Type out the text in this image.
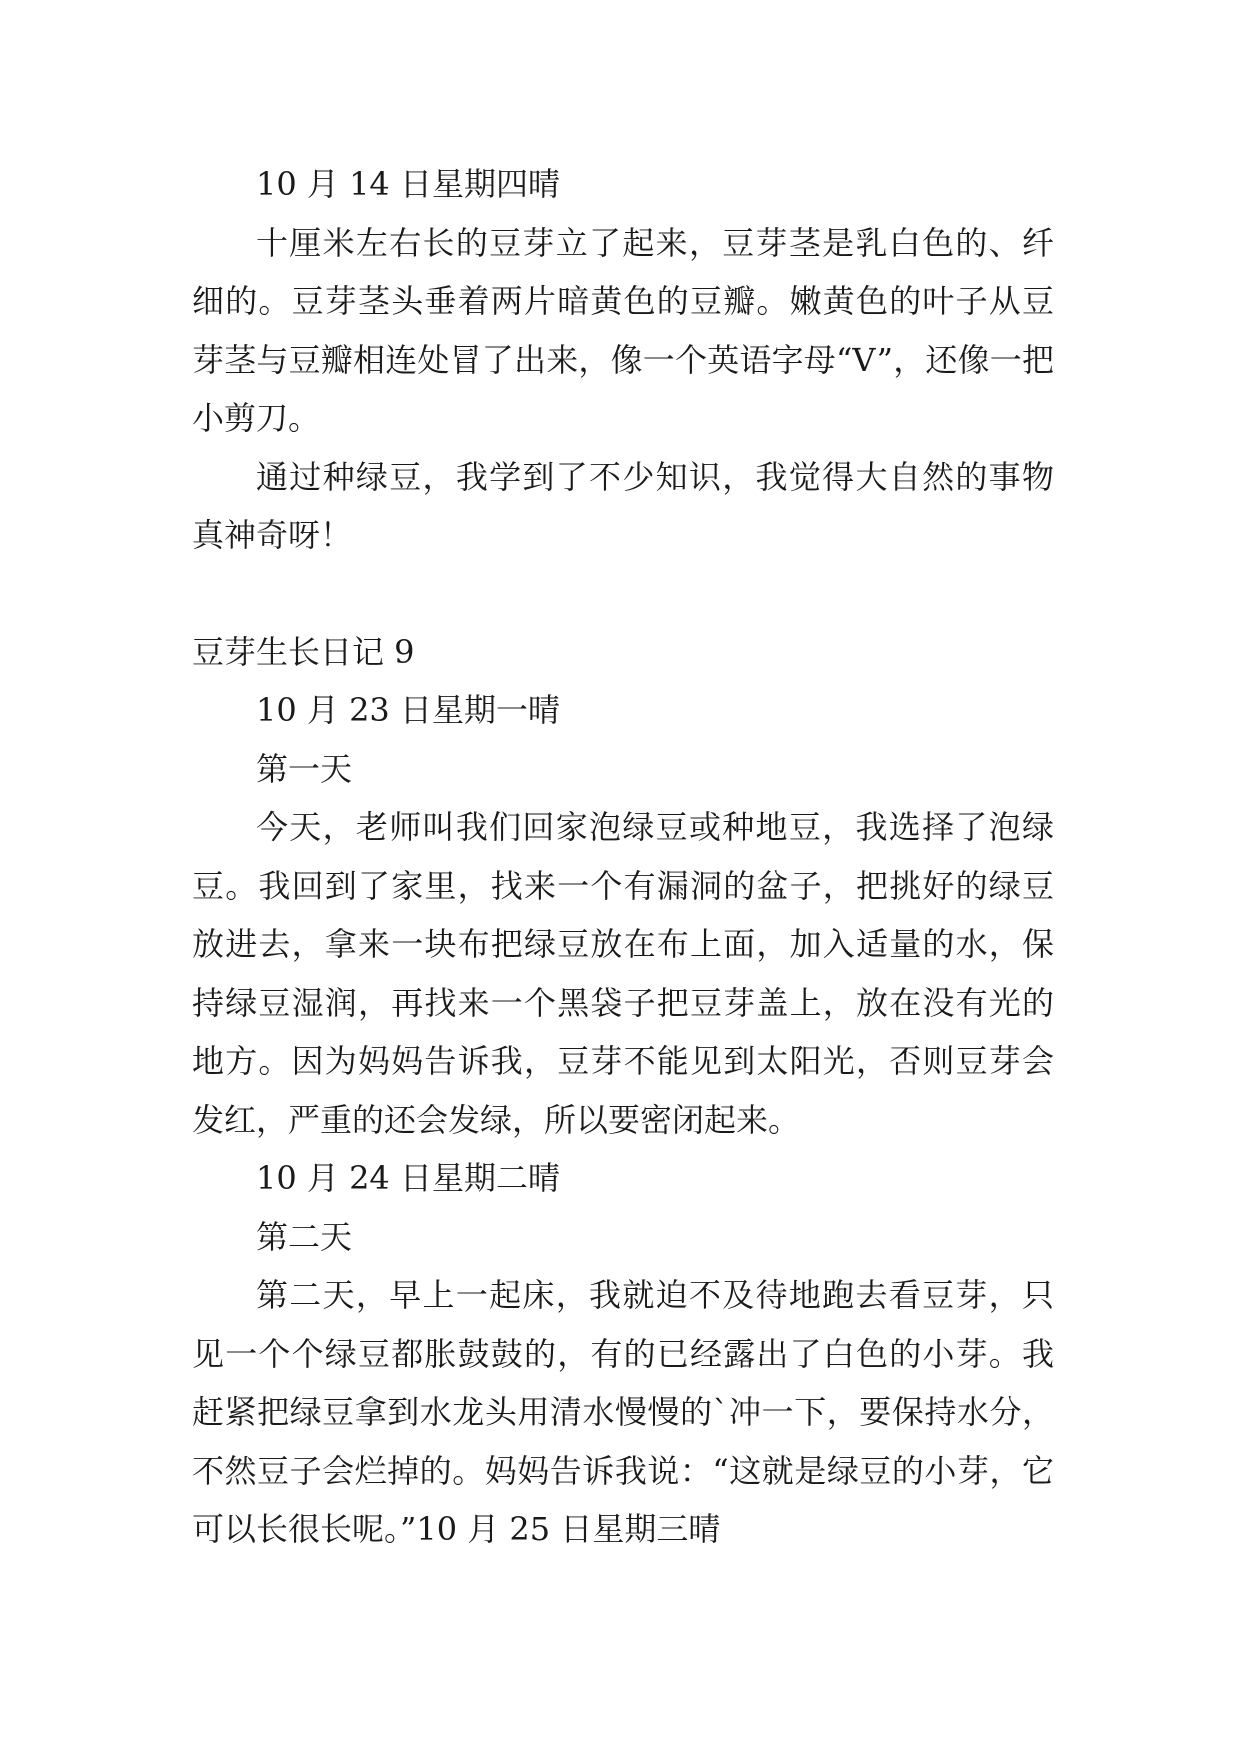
10 月 14 日星期四晴

十厘米左右长的豆芽立了起来，豆芽茎是乳白色的、纤细的。豆芽茎头垂着两片暗黄色的豆瓣。嫩黄色的叶子从豆芽茎与豆瓣相连处冒了出来，像一个英语字母“V”，还像一把小剪刀。

通过种绿豆，我学到了不少知识，我觉得大自然的事物真神奇呀！

豆芽生长日记 9

10 月 23 日星期一晴

第一天

今天，老师叫我们回家泡绿豆或种地豆，我选择了泡绿豆。我回到了家里，找来一个有漏洞的盆子，把挑好的绿豆放进去，拿来一块布把绿豆放在布上面，加入适量的水，保持绿豆湿润，再找来一个黑袋子把豆芽盖上，放在没有光的地方。因为妈妈告诉我，豆芽不能见到太阳光，否则豆芽会发红，严重的还会发绿，所以要密闭起来。

10 月 24 日星期二晴

第二天

第二天，早上一起床，我就迫不及待地跑去看豆芽，只见一个个绿豆都胀鼓鼓的，有的已经露出了白色的小芽。我赶紧把绿豆拿到水龙头用清水慢慢的`冲一下，要保持水分，不然豆子会烂掉的。妈妈告诉我说：“这就是绿豆的小芽，它可以长很长呢。”10 月 25 日星期三晴
